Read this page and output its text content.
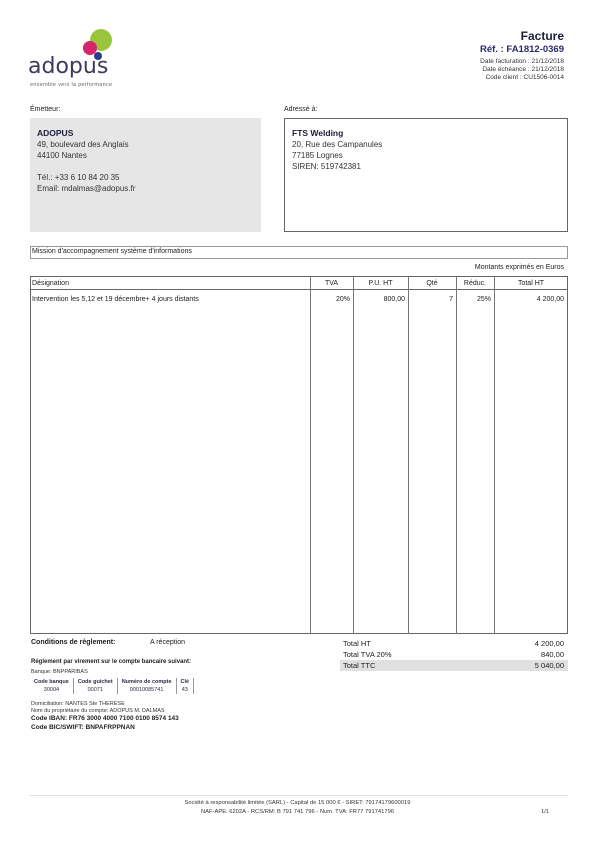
adopus
ensemble vers la performance
Facture
Réf. : FA1812-0369
Date facturation : 21/12/2018
Date échéance : 21/12/2018
Code client : CU1506-0014
Émetteur:
ADOPUS
49, boulevard des Anglais
44100 Nantes
Tél.: +33 6 10 84 20 35
Email: mdalmas@adopus.fr
Adressé à:
FTS Welding
20, Rue des Campanules
77185 Lognes
SIREN: 519742381
Mission d'accompagnement système d'informations
Montants exprimés en Euros
Désignation	TVA	P.U. HT	Qté	Réduc.	Total HT
Intervention les 5,12 et 19 décembre+ 4 jours distants	20%	800,00	7	25%	4 200,00
Conditions de règlement:	A réception
Règlement par virement sur le compte bancaire suivant:
Banque: BNPPARIBAS
Code banque	Code guichet	Numéro de compte	Clé
30004	00071	00010085741	43
Domiciliation: NANTES Ste THERESE
Nom du propriétaire du compte: ADOPUS M. DALMAS
Code IBAN: FR76 3000 4000 7100 0100 8574 143
Code BIC/SWIFT: BNPAFRPPNAN
Total HT	4 200,00
Total TVA 20%	840,00
Total TTC	5 040,00
Société à responsabilité limitée (SARL) - Capital de 15 000 € - SIRET: 79174179600019
NAF-APE: 6202A - RCS/RM: B 791 741 796 - Num. TVA: FR77 791741796	1/1
